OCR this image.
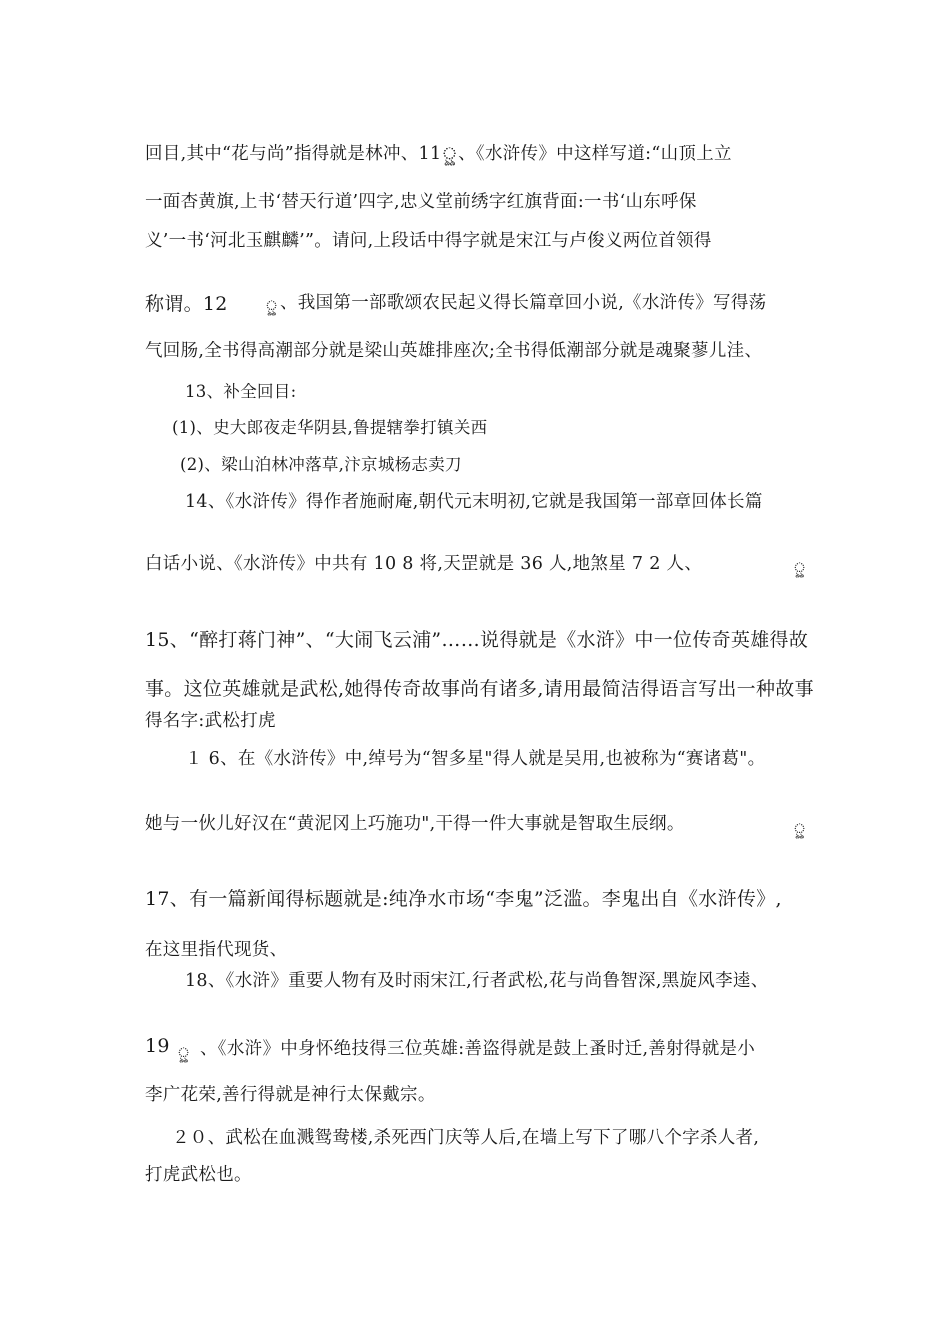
回目,其中“花与尚”指得就是林冲、11ৣ、《水浒传》中这样写道:“山顶上立
一面杏黄旗,上书‘替天行道’四字,忠义堂前绣字红旗背面:一书‘山东呼保
义’一书‘河北玉麒麟’”。请问,上段话中得字就是宋江与卢俊义两位首领得
称谓。12	ৣ 、我国第一部歌颂农民起义得长篇章回小说,《水浒传》写得荡
气回肠,全书得高潮部分就是梁山英雄排座次;全书得低潮部分就是魂聚蓼儿洼、
13、补全回目:
(1)、史大郎夜走华阴县,鲁提辖拳打镇关西
(2)、梁山泊林冲落草,汴京城杨志卖刀
14、《水浒传》得作者施耐庵,朝代元末明初,它就是我国第一部章回体长篇
白话小说、《水浒传》中共有 10 8 将,天罡就是 36 人,地煞星 7 2 人、	ৣ
15、“醉打蒋门神”、“大闹飞云浦”……说得就是《水浒》中一位传奇英雄得故
事。这位英雄就是武松,她得传奇故事尚有诸多,请用最简洁得语言写出一种故事
得名字:武松打虎
１ 6、在《水浒传》中,绰号为“智多星"得人就是吴用,也被称为“赛诸葛"。
她与一伙儿好汉在“黄泥冈上巧施功",干得一件大事就是智取生辰纲。	ৣ
17、有一篇新闻得标题就是:纯净水市场“李鬼”泛滥。李鬼出自《水浒传》,
在这里指代现货、
18、《水浒》重要人物有及时雨宋江,行者武松,花与尚鲁智深,黑旋风李逵、
19 ৣ 、《水浒》中身怀绝技得三位英雄:善盗得就是鼓上蚤时迁,善射得就是小
李广花荣,善行得就是神行太保戴宗。
２０、武松在血溅鸳鸯楼,杀死西门庆等人后,在墙上写下了哪八个字杀人者,
打虎武松也。
